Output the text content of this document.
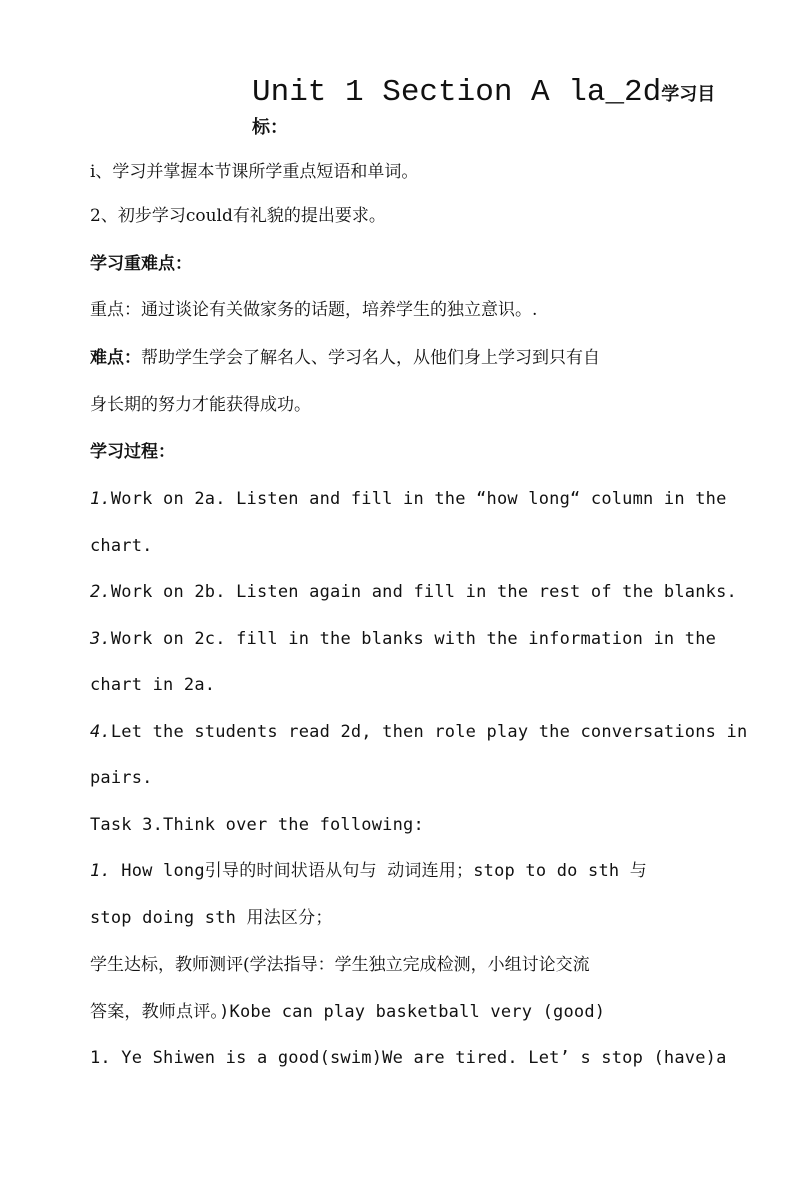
Unit 1 Section A la_2d学习目
标：
i、学习并掌握本节课所学重点短语和单词。
2、初步学习could有礼貌的提出要求。
学习重难点：
重点：通过谈论有关做家务的话题，培养学生的独立意识。.
难点：帮助学生学会了解名人、学习名人，从他们身上学习到只有自
身长期的努力才能获得成功。
学习过程：
1.Work on 2a. Listen and fill in the “how long“ column in the
chart.
2.Work on 2b. Listen again and fill in the rest of the blanks.
3.Work on 2c. fill in the blanks with the information in the
chart in 2a.
4.Let the students read 2d, then role play the conversations in
pairs.
Task 3.Think over the following:
1. How long引导的时间状语从句与 动词连用；stop to do sth 与
stop doing sth 用法区分；
学生达标，教师测评(学法指导：学生独立完成检测，小组讨论交流
答案，教师点评。)Kobe can play basketball very (good)
1. Ye Shiwen is a good(swim)We are tired. Let’ s stop (have)a
